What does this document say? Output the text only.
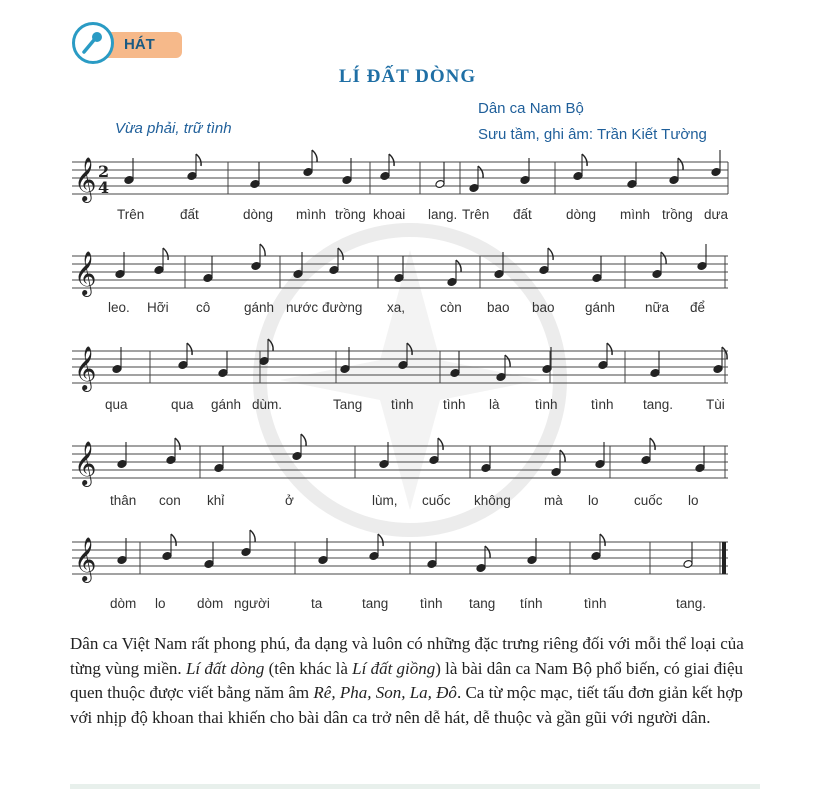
HÁT
LÍ ĐẤT DÒNG
Dân ca Nam Bộ
Sưu tầm, ghi âm: Trần Kiết Tường
Vừa phải, trữ tình
𝄞 2
4
𝄞
𝄞
𝄞
𝄞
Trên	đất	dòng mình trồng khoai lang. Trên đất	dòng mình trồng dưa
leo. Hỡi cô gánh nước đường xa,	còn bao bao gánh nữa để
qua	qua gánh dùm.	Tang tình tình là	tình tình tang. Tùi
thân con khỉ	ở	lùm, cuốc không mà lo	cuốc lo
dòm lo dòm người	ta	tang tình tang tính	tình	tang.
Dân ca Việt Nam rất phong phú, đa dạng và luôn có những đặc trưng riêng đối với mỗi thể loại của từng vùng miền. Lí đất dòng (tên khác là Lí đất giồng) là bài dân ca Nam Bộ phổ biến, có giai điệu quen thuộc được viết bằng năm âm Rê, Pha, Son, La, Đô. Ca từ mộc mạc, tiết tấu đơn giản kết hợp với nhịp độ khoan thai khiến cho bài dân ca trở nên dễ hát, dễ thuộc và gần gũi với người dân.
